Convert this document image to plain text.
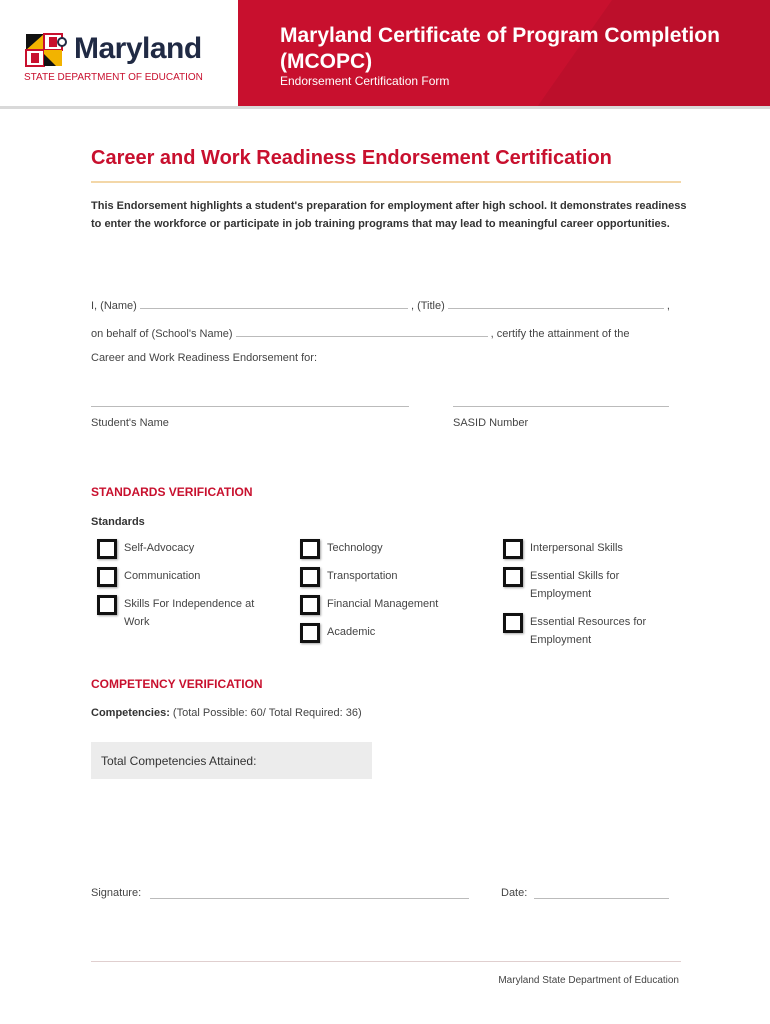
Maryland
STATE DEPARTMENT OF EDUCATION
Maryland Certificate of Program Completion (MCOPC)
Endorsement Certification Form
Career and Work Readiness Endorsement Certification
This Endorsement highlights a student's preparation for employment after high school. It demonstrates readiness to enter the workforce or participate in job training programs that may lead to meaningful career opportunities.
I, (Name)	, (Title)	,
on behalf of (School's Name)	, certify the attainment of the
Career and Work Readiness Endorsement for:
Student's Name	SASID Number
STANDARDS VERIFICATION
Standards
Self-Advocacy
Communication
Skills For Independence at Work
Technology
Transportation
Financial Management
Academic
Interpersonal Skills
Essential Skills for Employment
Essential Resources for Employment
COMPETENCY VERIFICATION
Competencies: (Total Possible: 60/ Total Required: 36)
Total Competencies Attained:
Signature:	Date:
Maryland State Department of Education
